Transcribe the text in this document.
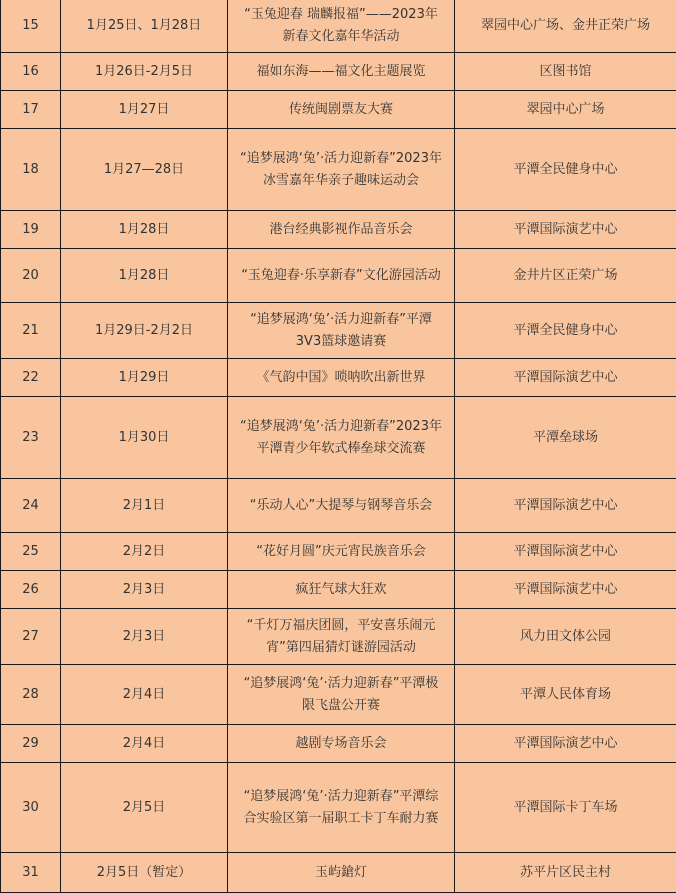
15	1月25日、1月28日	“玉兔迎春 瑞麟报福”——2023年新春文化嘉年华活动	翠园中心广场、金井正荣广场
16	1月26日-2月5日	福如东海——福文化主题展览	区图书馆
17	1月27日	传统闽剧票友大赛	翠园中心广场
18	1月27—28日	“追梦展鸿‘兔’·活力迎新春”2023年冰雪嘉年华亲子趣味运动会	平潭全民健身中心
19	1月28日	港台经典影视作品音乐会	平潭国际演艺中心
20	1月28日	“玉兔迎春·乐享新春”文化游园活动	金井片区正荣广场
21	1月29日-2月2日	“追梦展鸿‘兔’·活力迎新春”平潭3V3篮球邀请赛	平潭全民健身中心
22	1月29日	《气韵中国》唢呐吹出新世界	平潭国际演艺中心
23	1月30日	“追梦展鸿‘兔’·活力迎新春”2023年平潭青少年软式棒垒球交流赛	平潭垒球场
24	2月1日	“乐动人心”大提琴与钢琴音乐会	平潭国际演艺中心
25	2月2日	“花好月圆”庆元宵民族音乐会	平潭国际演艺中心
26	2月3日	疯狂气球大狂欢	平潭国际演艺中心
27	2月3日	“千灯万福庆团圆，平安喜乐闹元宵”第四届猜灯谜游园活动	风力田文体公园
28	2月4日	“追梦展鸿‘兔’·活力迎新春”平潭极限飞盘公开赛	平潭人民体育场
29	2月4日	越剧专场音乐会	平潭国际演艺中心
30	2月5日	“追梦展鸿‘兔’·活力迎新春”平潭综合实验区第一届职工卡丁车耐力赛	平潭国际卡丁车场
31	2月5日（暂定）	玉屿鎗灯	苏平片区民主村
